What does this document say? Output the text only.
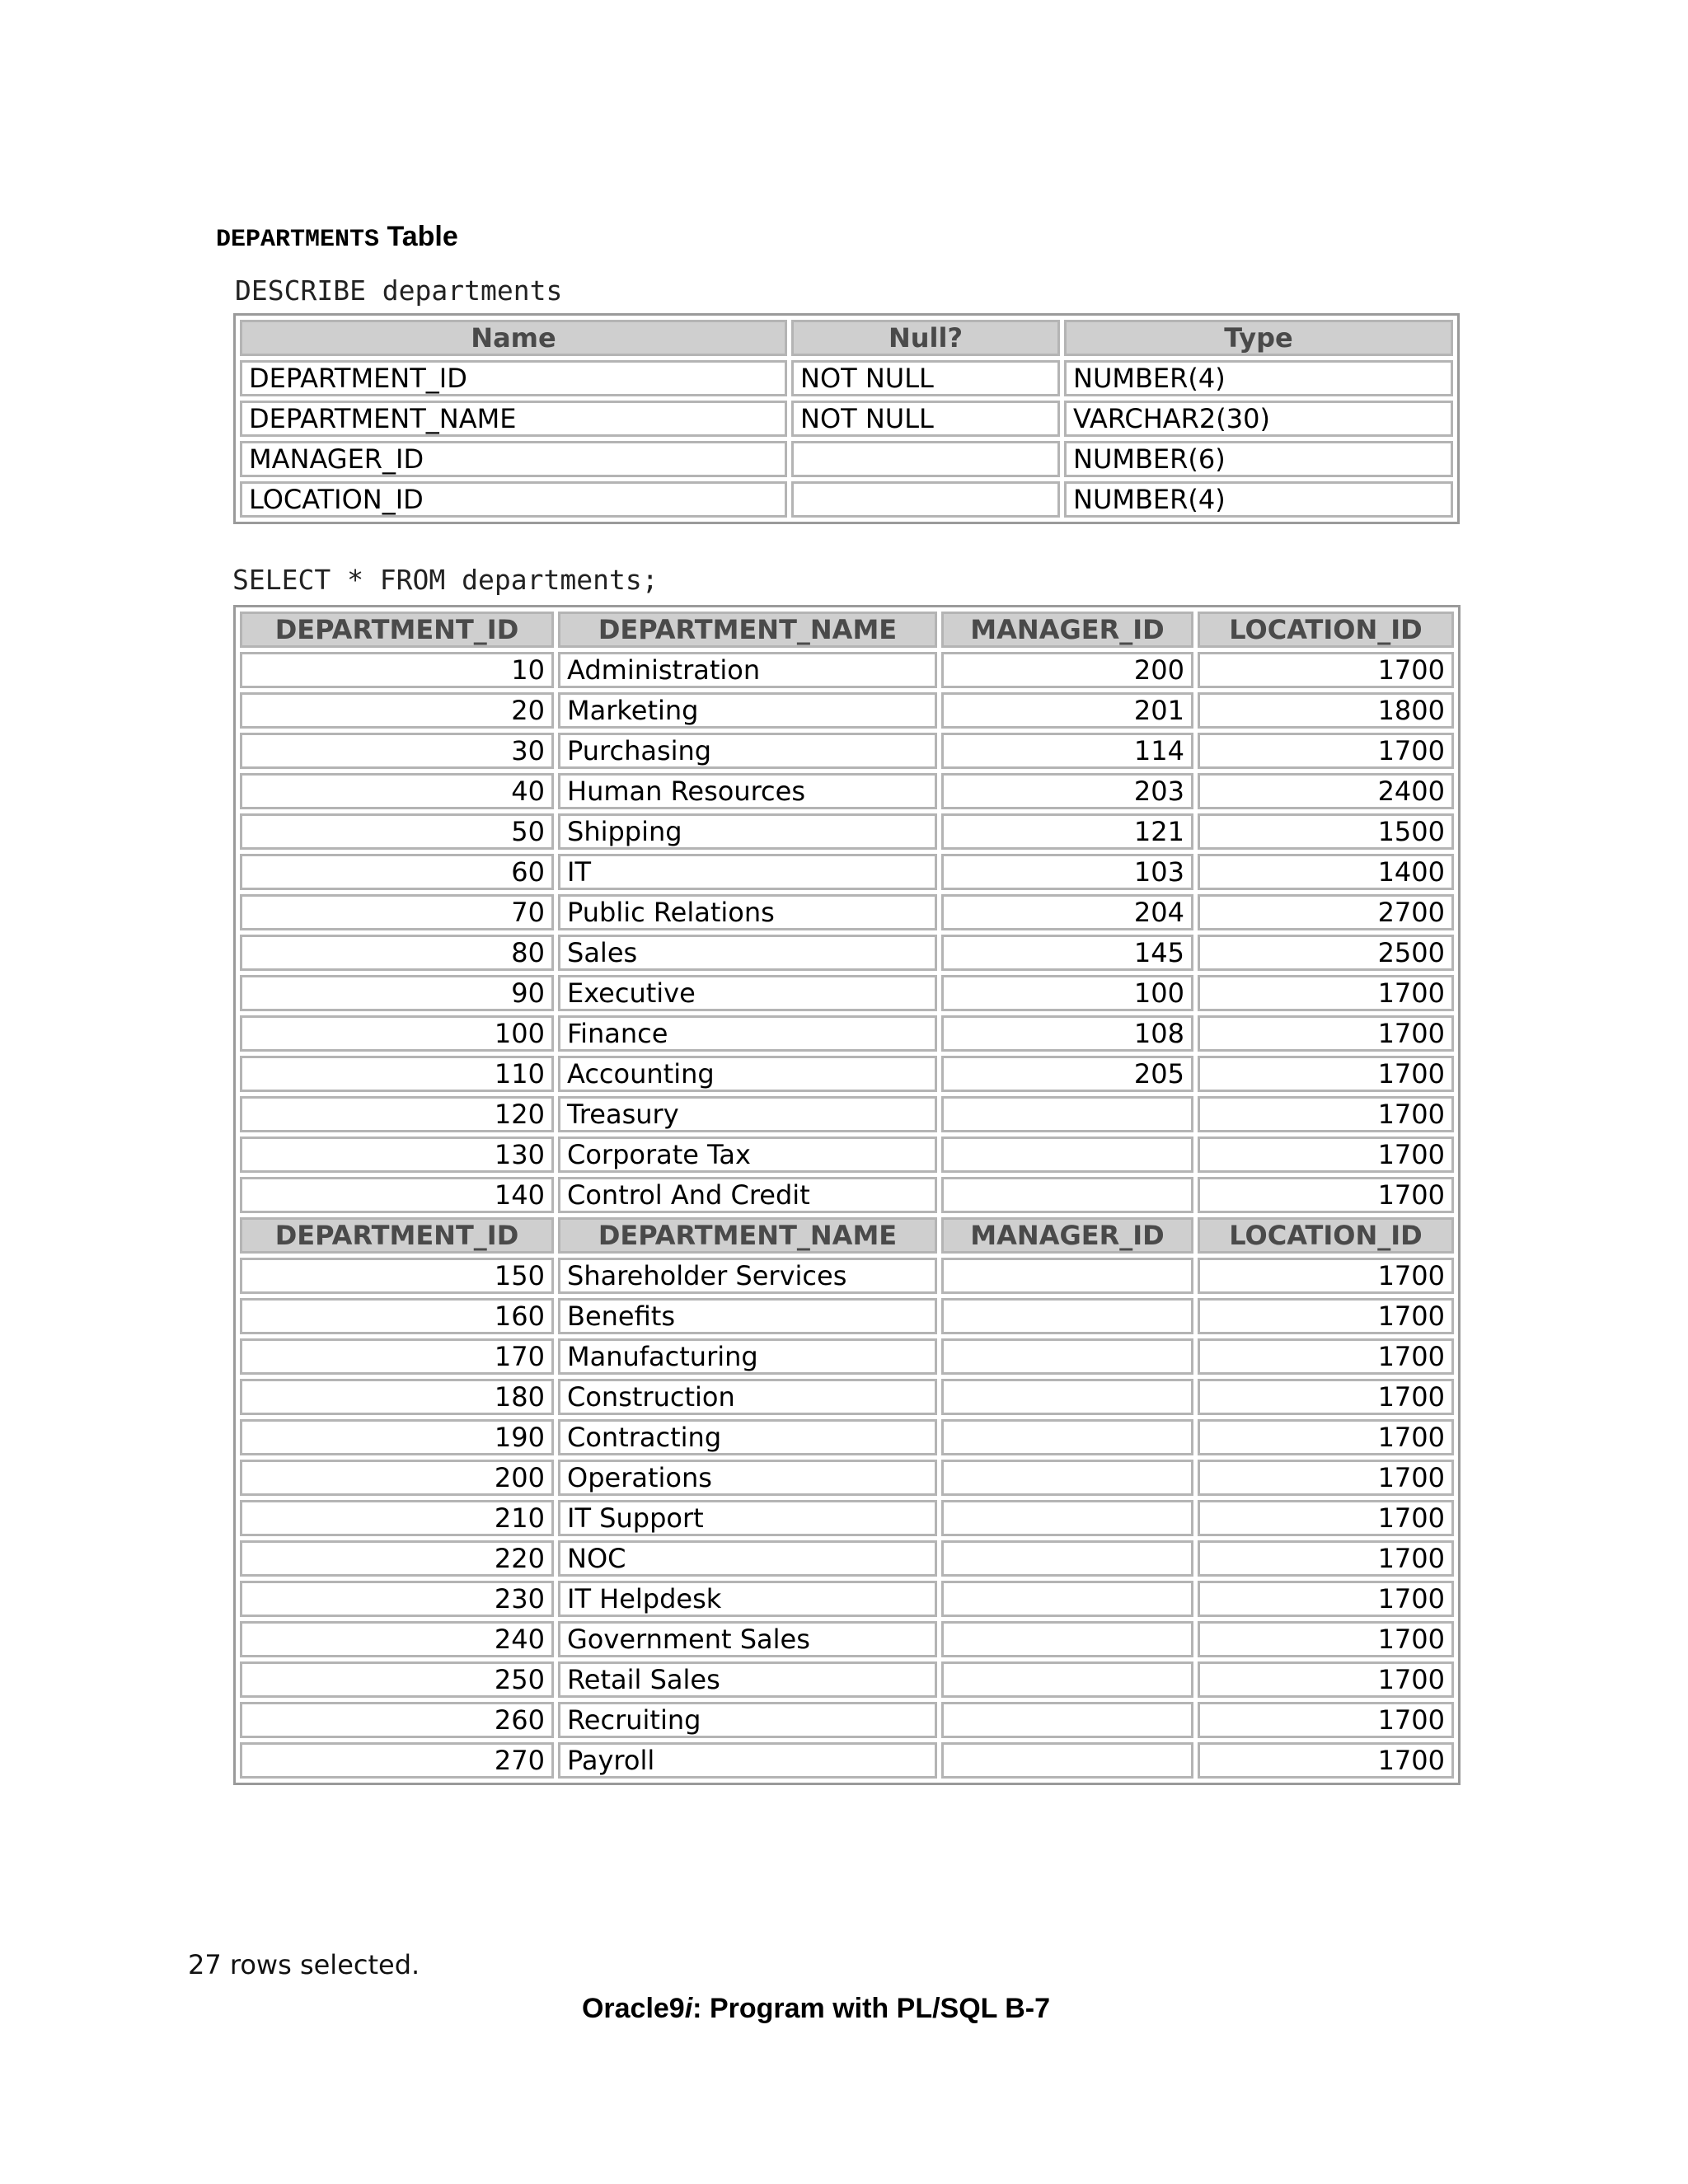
DEPARTMENTS Table
DESCRIBE departments
Name	Null?	Type
DEPARTMENT_ID	NOT NULL	NUMBER(4)
DEPARTMENT_NAME	NOT NULL	VARCHAR2(30)
MANAGER_ID		NUMBER(6)
LOCATION_ID		NUMBER(4)
SELECT * FROM departments;
DEPARTMENT_ID	DEPARTMENT_NAME	MANAGER_ID	LOCATION_ID
10	Administration	200	1700
20	Marketing	201	1800
30	Purchasing	114	1700
40	Human Resources	203	2400
50	Shipping	121	1500
60	IT	103	1400
70	Public Relations	204	2700
80	Sales	145	2500
90	Executive	100	1700
100	Finance	108	1700
110	Accounting	205	1700
120	Treasury		1700
130	Corporate Tax		1700
140	Control And Credit		1700
DEPARTMENT_ID	DEPARTMENT_NAME	MANAGER_ID	LOCATION_ID
150	Shareholder Services		1700
160	Benefits		1700
170	Manufacturing		1700
180	Construction		1700
190	Contracting		1700
200	Operations		1700
210	IT Support		1700
220	NOC		1700
230	IT Helpdesk		1700
240	Government Sales		1700
250	Retail Sales		1700
260	Recruiting		1700
270	Payroll		1700
27 rows selected.
Oracle9i: Program with PL/SQL B-7
